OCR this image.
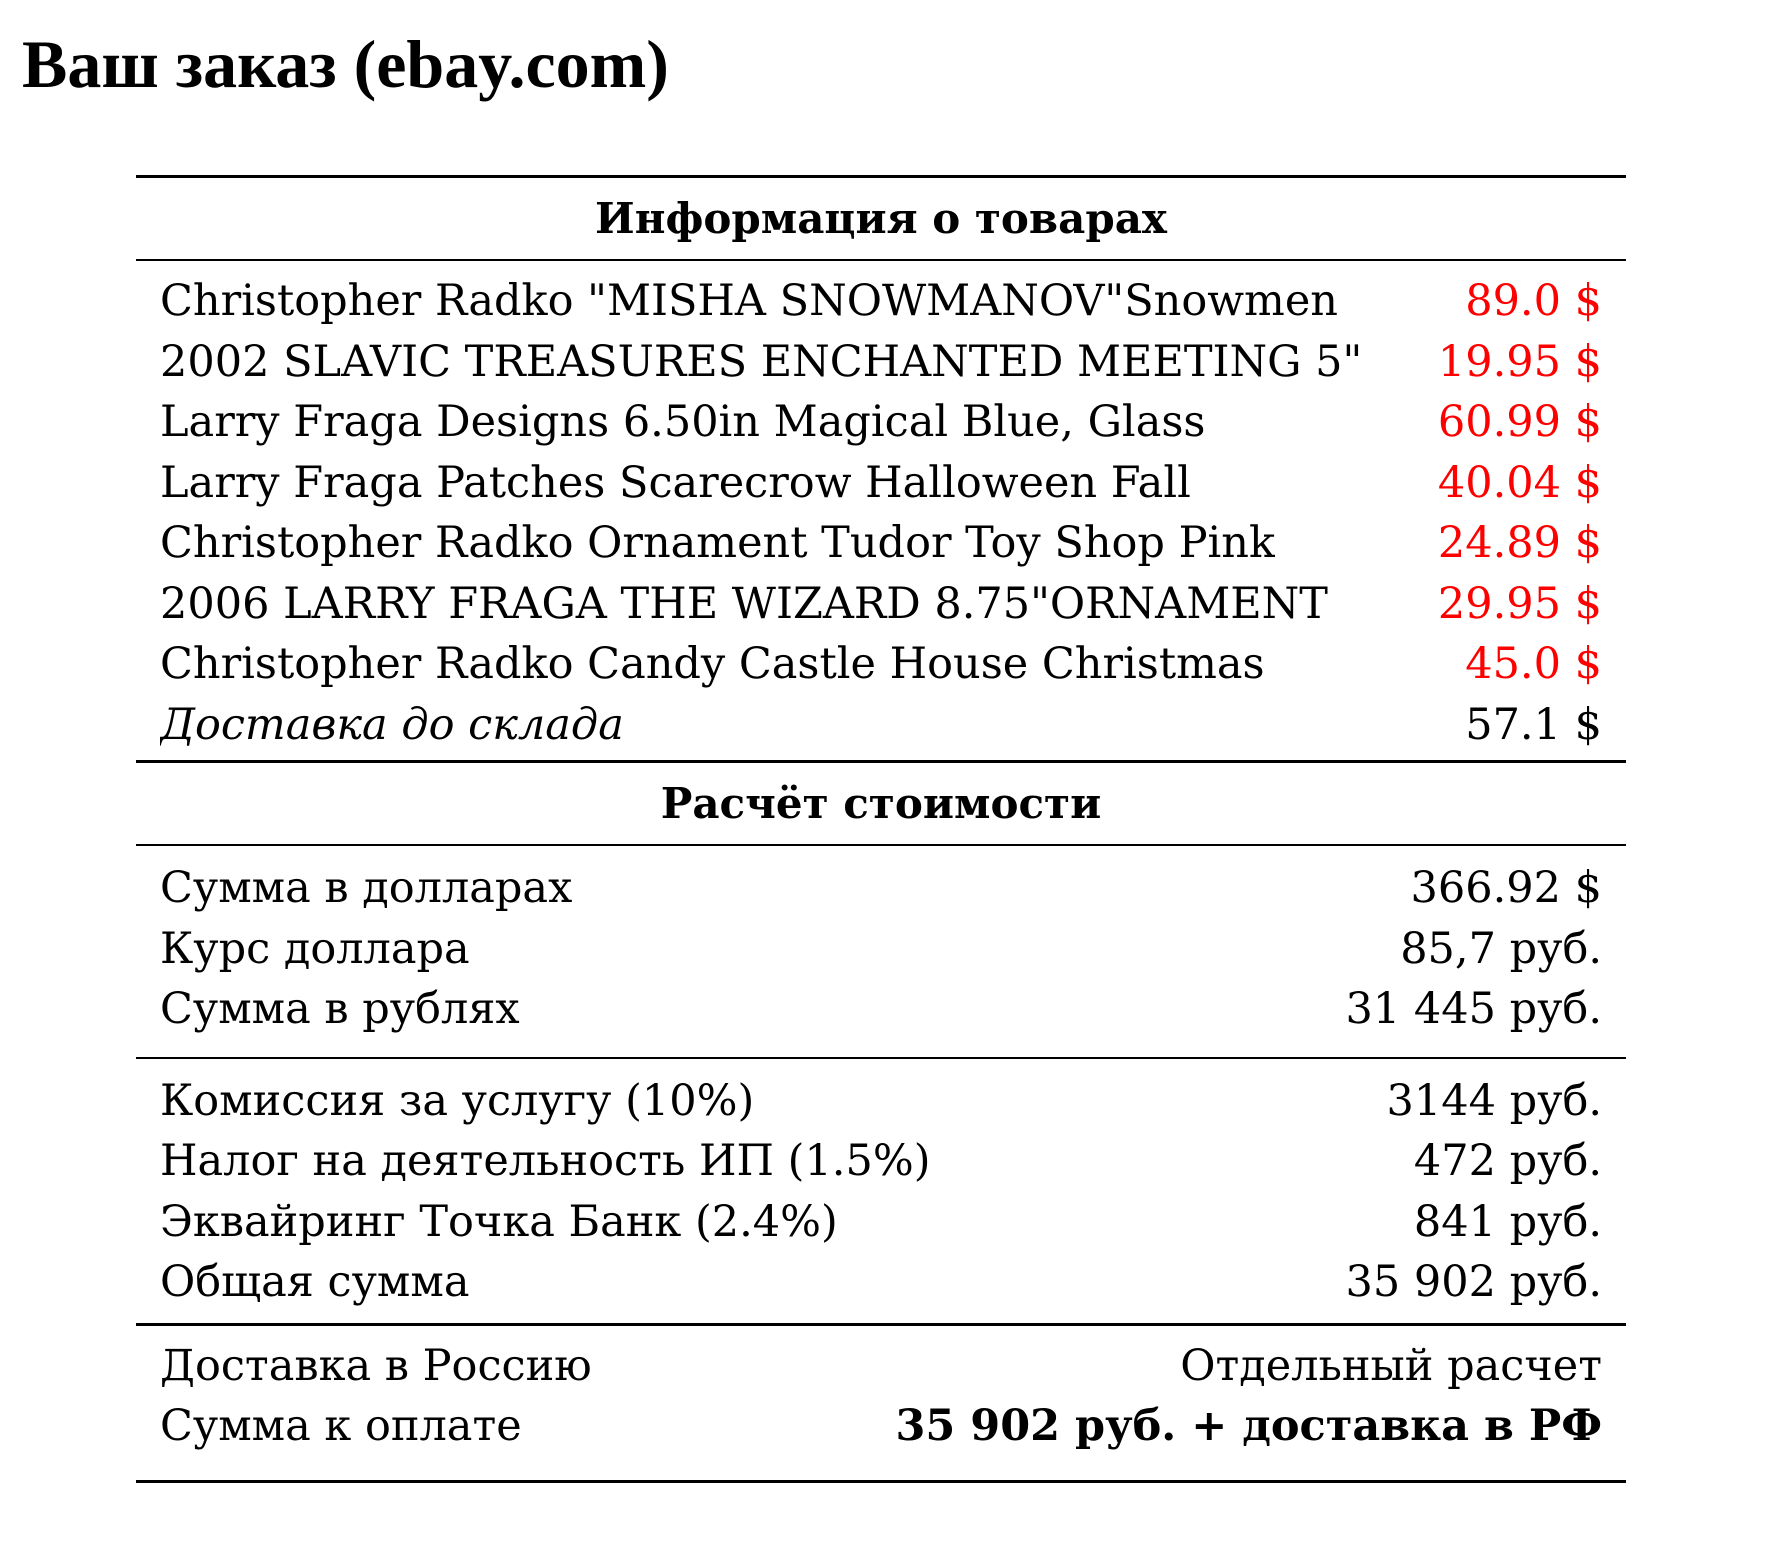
Ваш заказ (ebay.com)
Информация о товарах
Christopher Radko "MISHA SNOWMANOV"Snowmen	89.0 $
2002 SLAVIC TREASURES ENCHANTED MEETING 5"	19.95 $
Larry Fraga Designs 6.50in Magical Blue, Glass	60.99 $
Larry Fraga Patches Scarecrow Halloween Fall	40.04 $
Christopher Radko Ornament Tudor Toy Shop Pink	24.89 $
2006 LARRY FRAGA THE WIZARD 8.75"ORNAMENT	29.95 $
Christopher Radko Candy Castle House Christmas	45.0 $
Доставка до склада	57.1 $
Расчёт стоимости
Сумма в долларах	366.92 $
Курс доллара	85,7 руб.
Сумма в рублях	31 445 руб.
Комиссия за услугу (10%)	3144 руб.
Налог на деятельность ИП (1.5%)	472 руб.
Эквайринг Точка Банк (2.4%)	841 руб.
Общая сумма	35 902 руб.
Доставка в Россию	Отдельный расчет
Сумма к оплате	35 902 руб. + доставка в РФ
